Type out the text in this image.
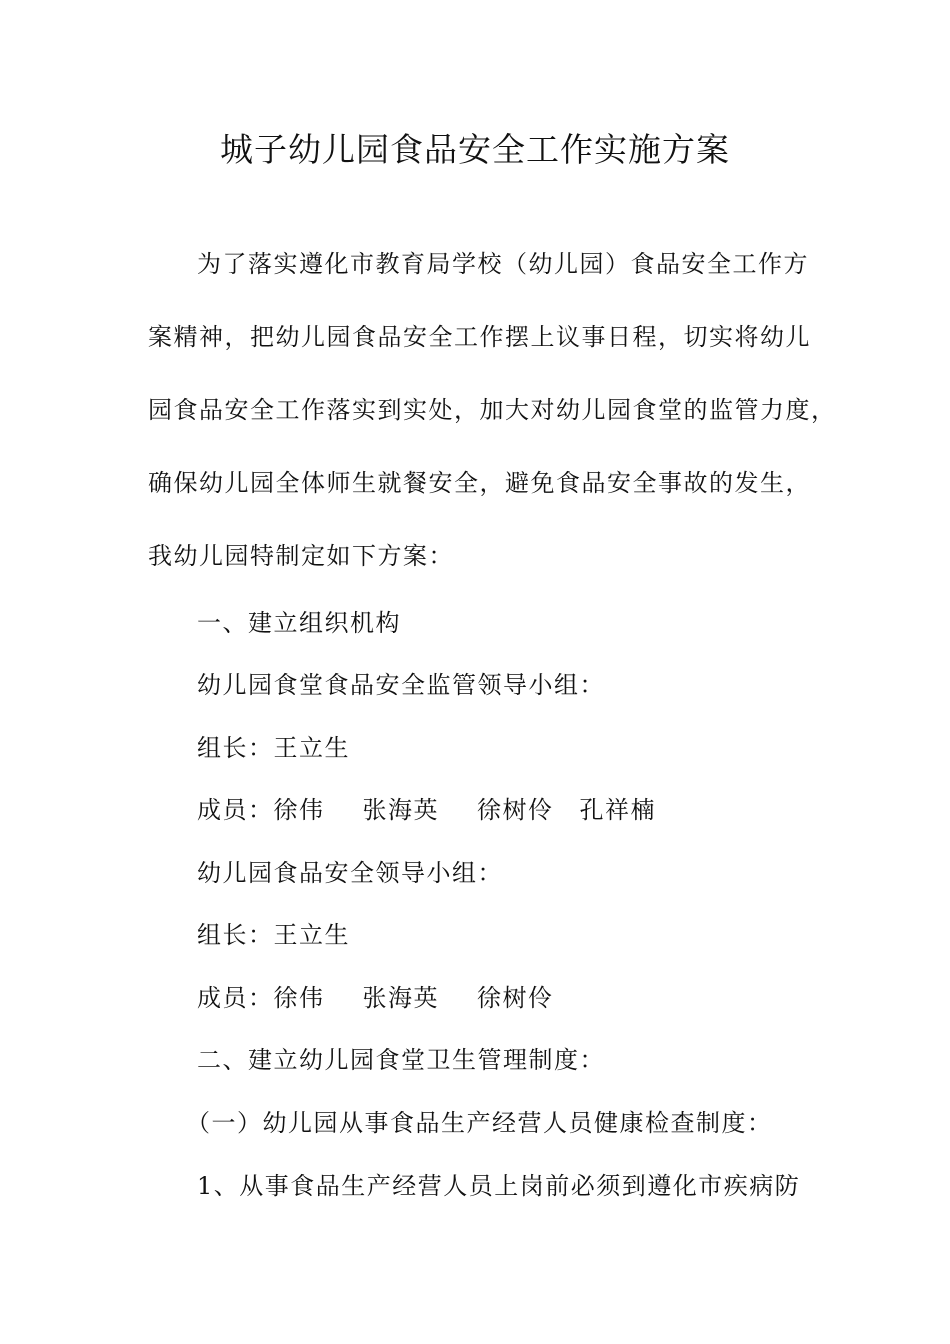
城子幼儿园食品安全工作实施方案
为了落实遵化市教育局学校（幼儿园）食品安全工作方
案精神，把幼儿园食品安全工作摆上议事日程，切实将幼儿
园食品安全工作落实到实处，加大对幼儿园食堂的监管力度，
确保幼儿园全体师生就餐安全，避免食品安全事故的发生，
我幼儿园特制定如下方案：
一、建立组织机构
幼儿园食堂食品安全监管领导小组：
组长：王立生
成员：徐伟 张海英 徐树伶 孔祥楠
幼儿园食品安全领导小组：
组长：王立生
成员：徐伟 张海英 徐树伶
二、建立幼儿园食堂卫生管理制度：
（一）幼儿园从事食品生产经营人员健康检查制度：
1、从事食品生产经营人员上岗前必须到遵化市疾病防
